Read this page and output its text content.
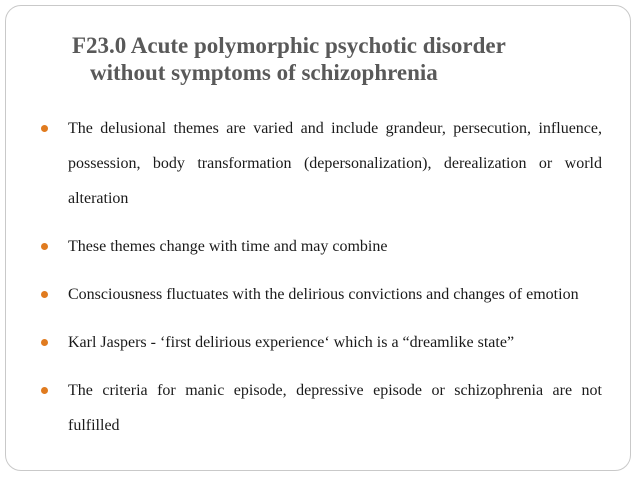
F23.0 Acute polymorphic psychotic disorder
without symptoms of schizophrenia
The delusional themes are varied and include grandeur, persecution, influence, possession, body transformation (depersonalization), derealization or world alteration
These themes change with time and may combine
Consciousness fluctuates with the delirious convictions and changes of emotion
Karl Jaspers - ‘first delirious experience‘ which is a “dreamlike state”
The criteria for manic episode, depressive episode or schizophrenia are not fulfilled
